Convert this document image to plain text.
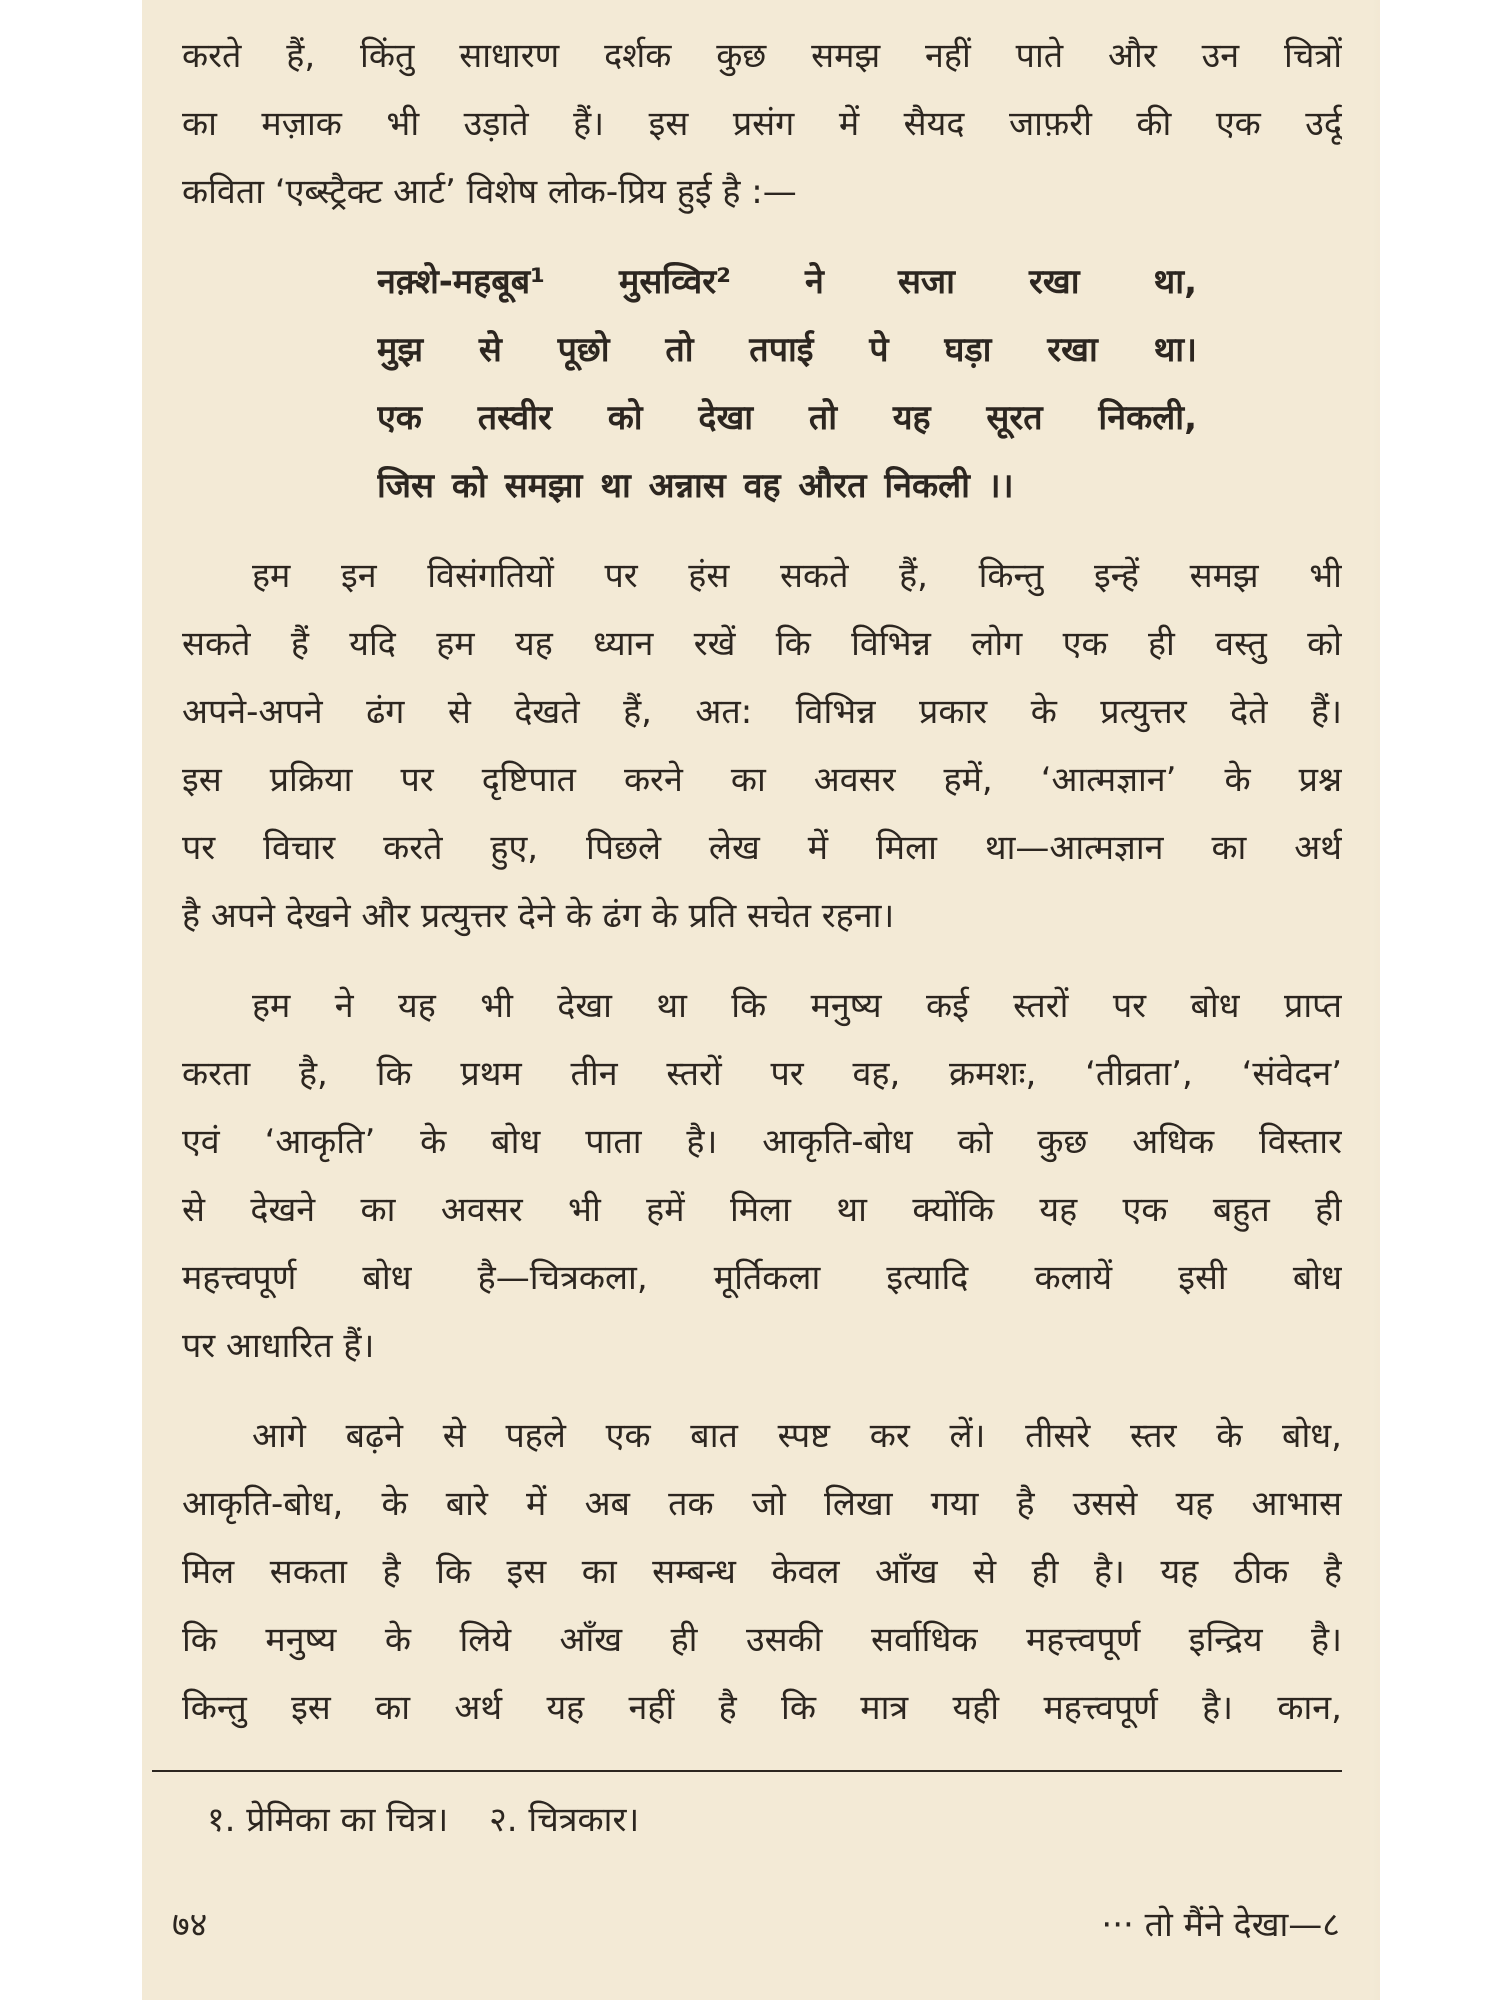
करते हैं, किंतु साधारण दर्शक कुछ समझ नहीं पाते और उन चित्रों
का मज़ाक भी उड़ाते हैं। इस प्रसंग में सैयद जाफ़री की एक उर्दू
कविता ‘एब्स्ट्रैक्ट आर्ट’ विशेष लोक-प्रिय हुई है :—
नक़्शे-महबूब¹ मुसव्विर² ने सजा रखा था,
मुझ से पूछो तो तपाई पे घड़ा रखा था।
एक तस्वीर को देखा तो यह सूरत निकली,
जिस को समझा था अन्नास वह औरत निकली ।।
हम इन विसंगतियों पर हंस सकते हैं, किन्तु इन्हें समझ भी
सकते हैं यदि हम यह ध्यान रखें कि विभिन्न लोग एक ही वस्तु को
अपने-अपने ढंग से देखते हैं, अत: विभिन्न प्रकार के प्रत्युत्तर देते हैं।
इस प्रक्रिया पर दृष्टिपात करने का अवसर हमें, ‘आत्मज्ञान’ के प्रश्न
पर विचार करते हुए, पिछले लेख में मिला था—आत्मज्ञान का अर्थ
है अपने देखने और प्रत्युत्तर देने के ढंग के प्रति सचेत रहना।
हम ने यह भी देखा था कि मनुष्य कई स्तरों पर बोध प्राप्त
करता है, कि प्रथम तीन स्तरों पर वह, क्रमशः, ‘तीव्रता’, ‘संवेदन’
एवं ‘आकृति’ के बोध पाता है। आकृति-बोध को कुछ अधिक विस्तार
से देखने का अवसर भी हमें मिला था क्योंकि यह एक बहुत ही
महत्त्वपूर्ण बोध है—चित्रकला, मूर्तिकला इत्यादि कलायें इसी बोध
पर आधारित हैं।
आगे बढ़ने से पहले एक बात स्पष्ट कर लें। तीसरे स्तर के बोध,
आकृति-बोध, के बारे में अब तक जो लिखा गया है उससे यह आभास
मिल सकता है कि इस का सम्बन्ध केवल आँख से ही है। यह ठीक है
कि मनुष्य के लिये आँख ही उसकी सर्वाधिक महत्त्वपूर्ण इन्द्रिय है।
किन्तु इस का अर्थ यह नहीं है कि मात्र यही महत्त्वपूर्ण है। कान,
१. प्रेमिका का चित्र। २. चित्रकार।
७४	··· तो मैंने देखा—८
